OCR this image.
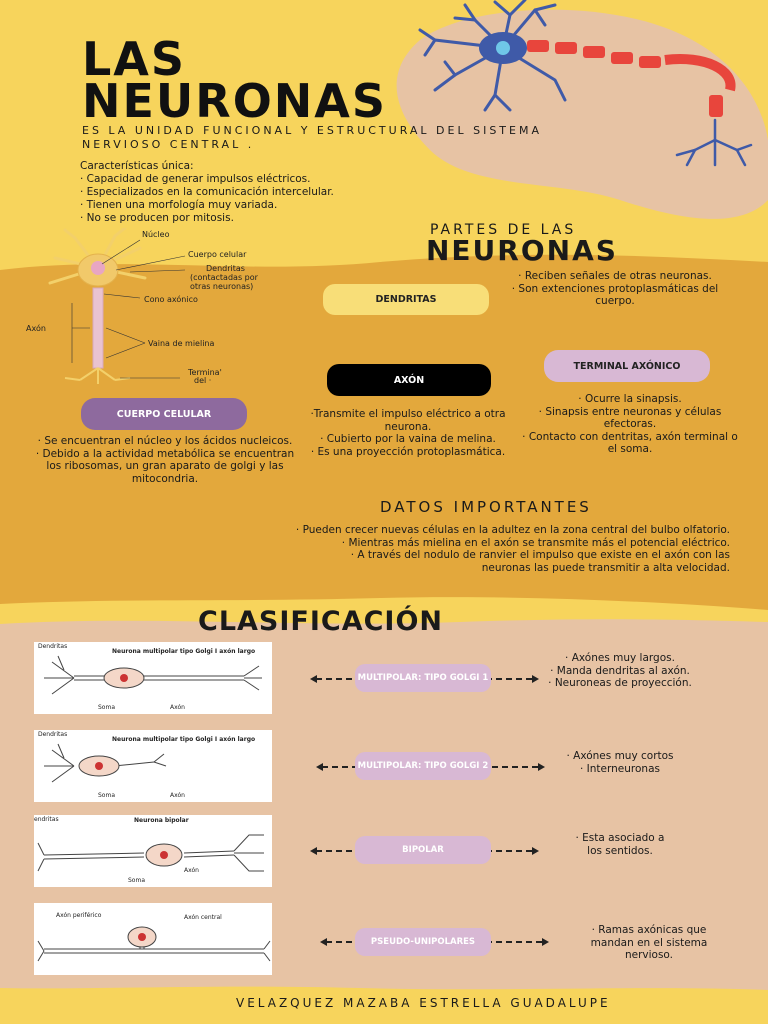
LAS
NEURONAS
ES LA UNIDAD FUNCIONAL Y ESTRUCTURAL DEL SISTEMA NERVIOSO CENTRAL .
Características única:
· Capacidad de generar impulsos eléctricos.
· Especializados en la comunicación intercelular.
· Tienen una morfología muy variada.
· No se producen por mitosis.
Núcleo
Cuerpo celular
Dendritas
(contactadas por
otras neuronas)
Cono axónico
Axón
Vaina de mielina
Termina'
del ·
PARTES DE LAS
NEURONAS
DENDRITAS
· Reciben señales de otras neuronas.
· Son extenciones protoplasmáticas del cuerpo.
TERMINAL AXÓNICO
· Ocurre la sinapsis.
· Sinapsis entre neuronas y células efectoras.
· Contacto con dentritas, axón terminal o el soma.
AXÓN
·Transmite el impulso eléctrico a otra neurona.
· Cubierto por la vaina de melina.
· Es una proyección protoplasmática.
CUERPO CELULAR
· Se encuentran el núcleo y los ácidos nucleicos.
· Debido a la actividad metabólica se encuentran los ribosomas, un gran aparato de golgi y las mitocondria.
DATOS IMPORTANTES
· Pueden crecer nuevas células en la adultez en la zona central del bulbo olfatorio.
· Mientras más mielina en el axón se transmite más el potencial eléctrico.
· A través del nodulo de ranvier el impulso que existe en el axón con las neuronas las puede transmitir a alta velocidad.
CLASIFICACIÓN
Dendritas
Neurona multipolar tipo Golgi I axón largo
Soma	Axón
MULTIPOLAR: TIPO GOLGI 1
· Axónes muy largos.
· Manda dendritas al axón.
· Neuroneas de proyección.
Dendritas
Neurona multipolar tipo Golgi I axón largo
Soma	Axón
MULTIPOLAR: TIPO GOLGI 2
· Axónes muy cortos
· Interneuronas
endritas	Neurona bipolar
Soma
Axón
BIPOLAR
· Esta asociado a los sentidos.
Axón periférico	Axón central
PSEUDO-UNIPOLARES
· Ramas axónicas que mandan en el sistema nervioso.
VELAZQUEZ MAZABA ESTRELLA GUADALUPE
